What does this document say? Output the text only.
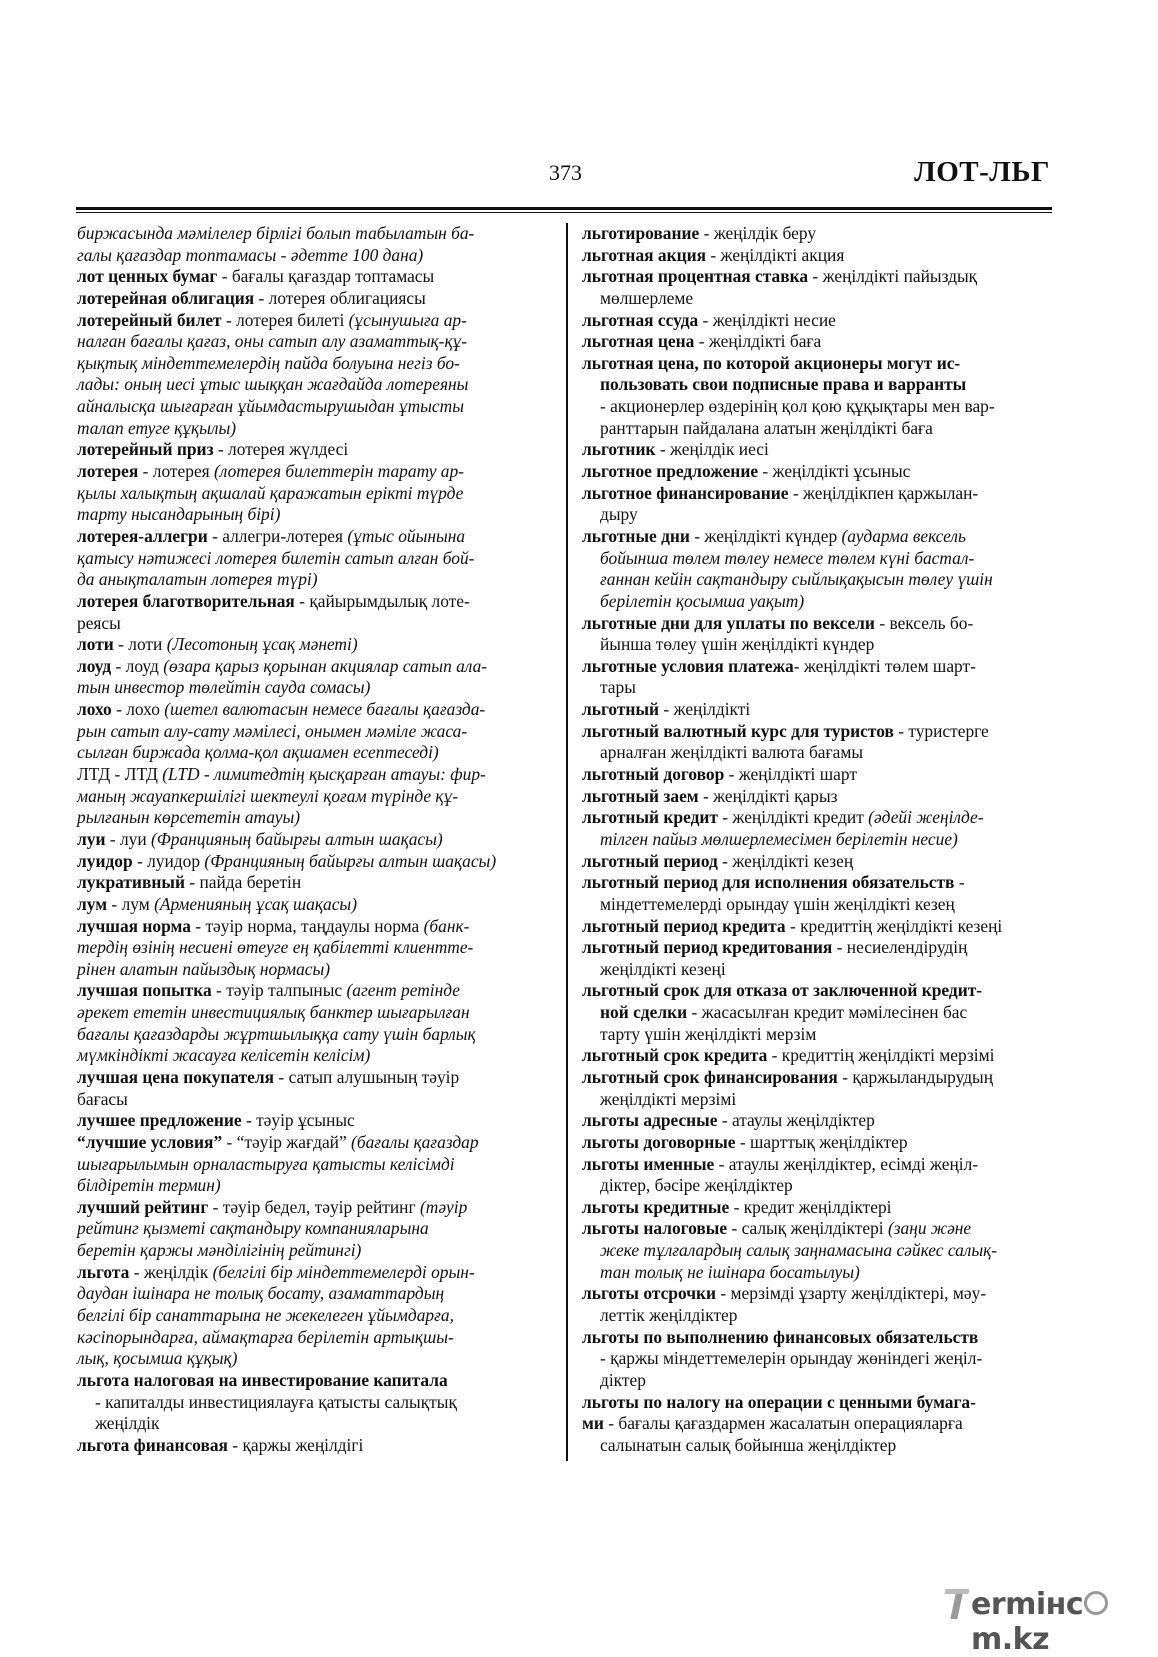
373	ЛОТ-ЛЬГ
биржасында мәмілелер бірлігі болып табылатын ба-
галы қағаздар топтамасы - әдетте 100 дана)
лот ценных бумаг - бағалы қағаздар топтамасы
лотерейная облигация - лотерея облигациясы
лотерейный билет - лотерея билеті (ұсынушыға ар-
налған бағалы қағаз, оны сатып алу азаматтық-құ-
қықтық міндеттемелердің пайда болуына негіз бо-
лады: оның иесі ұтыс шыққан жағдайда лотереяны
айналысқа шығарған ұйымдастырушыдан ұтысты
талап етуге құқылы)
лотерейный приз - лотерея жүлдесі
лотерея - лотерея (лотерея билеттерін тарату ар-
қылы халықтың ақшалай қаражатын ерікті түрде
тарту нысандарының бірі)
лотерея-аллегри - аллегри-лотерея (ұтыс ойынына
қатысу нәтижесі лотерея билетін сатып алған бой-
да анықталатын лотерея түрі)
лотерея благотворительная - қайырымдылық лоте-
реясы
лоти - лоти (Лесотоның ұсақ мәнеті)
лоуд - лоуд (өзара қарыз қорынан акциялар сатып ала-
тын инвестор төлейтін сауда сомасы)
лохо - лохо (шетел валютасын немесе бағалы қағазда-
рын сатып алу-сату мәмілесі, онымен мәміле жаса-
сылған биржада қолма-қол ақшамен есептеседі)
ЛТД - ЛТД (LTD - лимитедтің қысқарған атауы: фир-
маның жауапкершілігі шектеулі қоғам түрінде құ-
рылғанын көрсететін атауы)
луи - луи (Францияның байырғы алтын шақасы)
луидор - луидор (Францияның байырғы алтын шақасы)
лукративный - пайда беретін
лум - лум (Арменияның ұсақ шақасы)
лучшая норма - тәуір норма, таңдаулы норма (банк-
тердің өзінің несиені өтеуге ең қабілетті клиентте-
рінен алатын пайыздық нормасы)
лучшая попытка - тәуір талпыныс (агент ретінде
әрекет ететін инвестициялық банктер шығарылған
бағалы қағаздарды жұртшылыққа сату үшін барлық
мүмкіндікті жасауға келісетін келісім)
лучшая цена покупателя - сатып алушының тәуір
бағасы
лучшее предложение - тәуір ұсыныс
“лучшие условия” - “тәуір жағдай” (бағалы қағаздар
шығарылымын орналастыруға қатысты келісімді
білдіретін термин)
лучший рейтинг - тәуір бедел, тәуір рейтинг (тәуір
рейтинг қызметі сақтандыру компанияларына
беретін қаржы мәнділігінің рейтингі)
льгота - жеңілдік (белгілі бір міндеттемелерді орын-
даудан ішінара не толық босату, азаматтардың
белгілі бір санаттарына не жекелеген ұйымдарға,
кәсіпорындарға, аймақтарға берілетін артықшы-
лық, қосымша құқық)
льгота налоговая на инвестирование капитала
- капиталды инвестициялауға қатысты салықтық
жеңілдік
льгота финансовая - қаржы жеңілдігі
льготирование - жеңілдік беру
льготная акция - жеңілдікті акция
льготная процентная ставка - жеңілдікті пайыздық
мөлшерлеме
льготная ссуда - жеңілдікті несие
льготная цена - жеңілдікті баға
льготная цена, по которой акционеры могут ис-
пользовать свои подписные права и варранты
- акционерлер өздерінің қол қою құқықтары мен вар-
ранттарын пайдалана алатын жеңілдікті баға
льготник - жеңілдік иесі
льготное предложение - жеңілдікті ұсыныс
льготное финансирование - жеңілдікпен қаржылан-
дыру
льготные дни - жеңілдікті күндер (аударма вексель
бойынша төлем төлеу немесе төлем күні бастал-
ғаннан кейін сақтандыру сыйлықақысын төлеу үшін
берілетін қосымша уақыт)
льготные дни для уплаты по вексели - вексель бо-
йынша төлеу үшін жеңілдікті күндер
льготные условия платежа- жеңілдікті төлем шарт-
тары
льготный - жеңілдікті
льготный валютный курс для туристов - туристерге
арналған жеңілдікті валюта бағамы
льготный договор - жеңілдікті шарт
льготный заем - жеңілдікті қарыз
льготный кредит - жеңілдікті кредит (әдейі жеңілде-
тілген пайыз мөлшерлемесімен берілетін несие)
льготный период - жеңілдікті кезең
льготный период для исполнения обязательств -
міндеттемелерді орындау үшін жеңілдікті кезең
льготный период кредита - кредиттің жеңілдікті кезеңі
льготный период кредитования - несиелендірудің
жеңілдікті кезеңі
льготный срок для отказа от заключенной кредит-
ной сделки - жасасылған кредит мәмілесінен бас
тарту үшін жеңілдікті мерзім
льготный срок кредита - кредиттің жеңілдікті мерзімі
льготный срок финансирования - қаржыландырудың
жеңілдікті мерзімі
льготы адресные - атаулы жеңілдіктер
льготы договорные - шарттық жеңілдіктер
льготы именные - атаулы жеңілдіктер, есімді жеңіл-
діктер, бәсіре жеңілдіктер
льготы кредитные - кредит жеңілдіктері
льготы налоговые - салық жеңілдіктері (заңи және
жеке тұлғалардың салық заңнамасына сәйкес салық-
тан толық не ішінара босатылуы)
льготы отсрочки - мерзімді ұзарту жеңілдіктері, мәу-
леттік жеңілдіктер
льготы по выполнению финансовых обязательств
- қаржы міндеттемелерін орындау жөніндегі жеңіл-
діктер
льготы по налогу на операции с ценными бумага-
ми - бағалы қағаздармен жасалатын операцияларға
салынатын салық бойынша жеңілдіктер
ermінcm.kz
